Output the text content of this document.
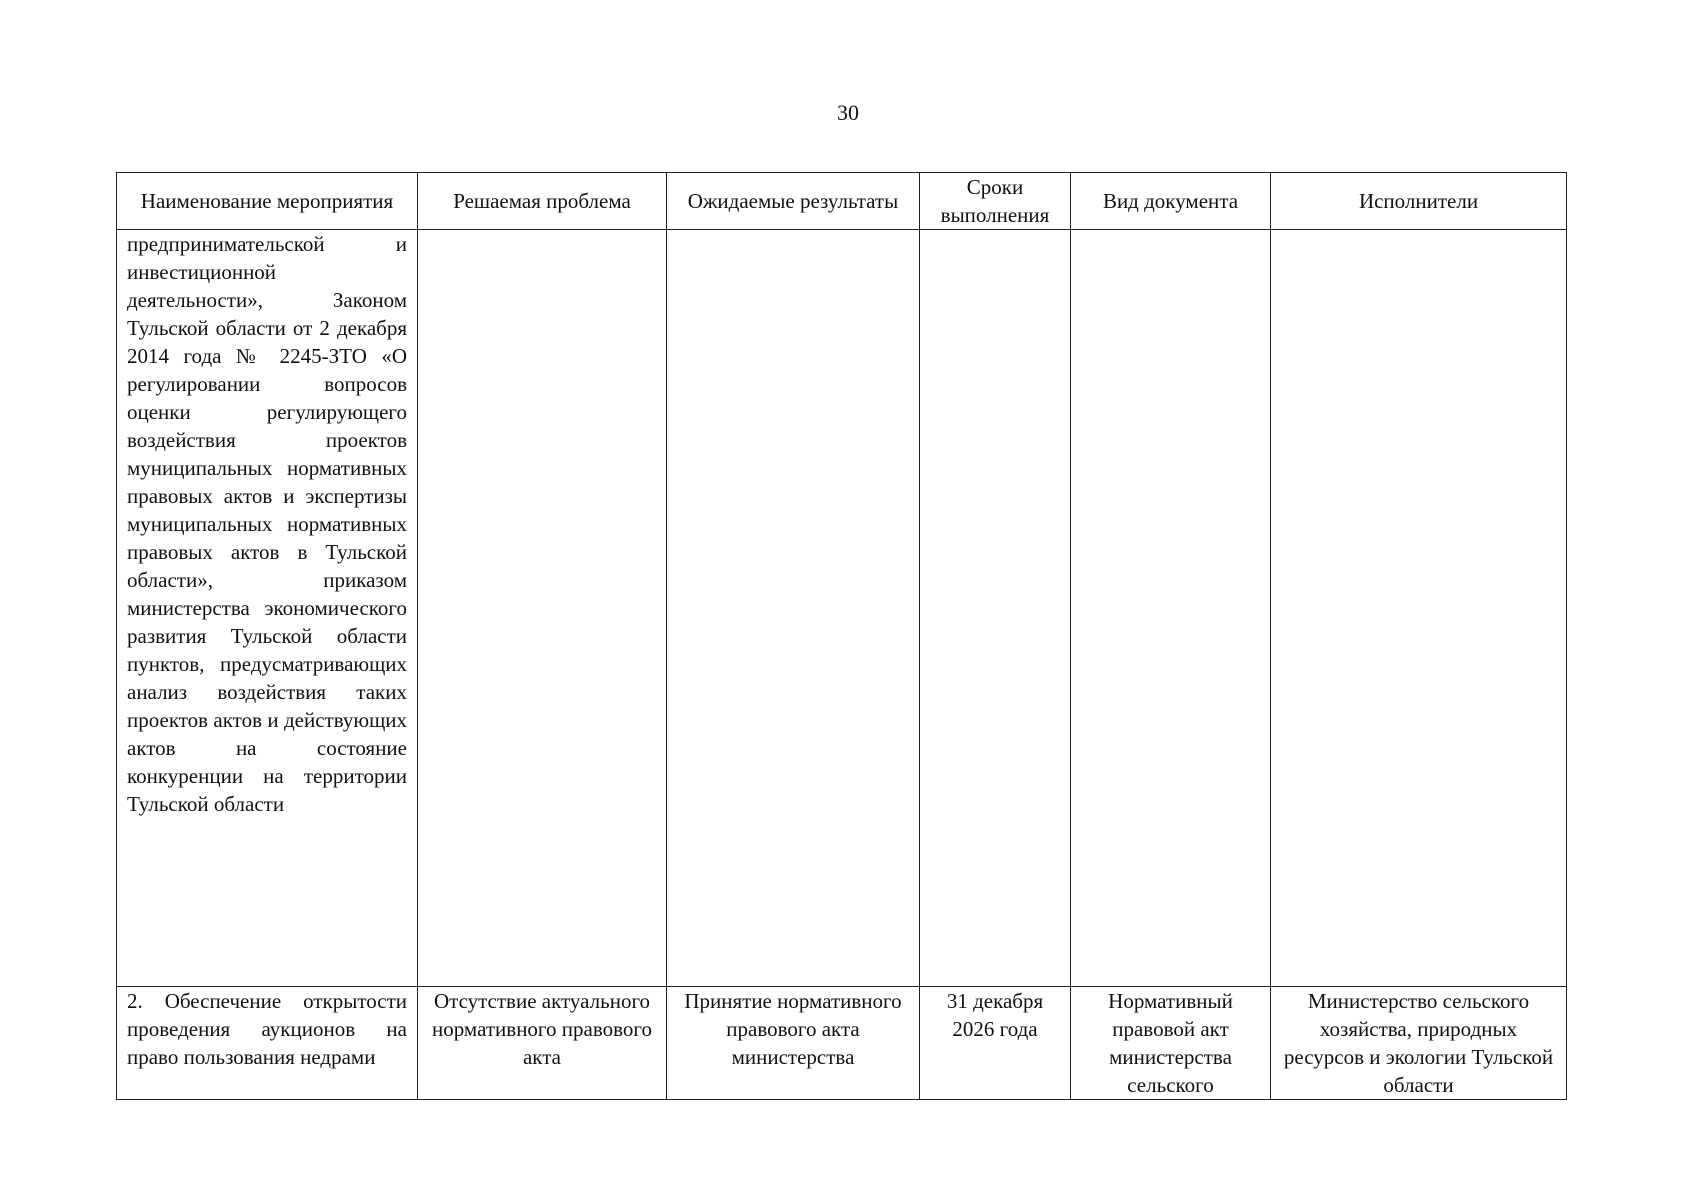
30
Наименование мероприятия	Решаемая проблема	Ожидаемые результаты	Сроки выполнения	Вид документа	Исполнители
предпринимательской и инвестиционной деятельности», Законом Тульской области от 2 декабря 2014 года № 2245-ЗТО «О регулировании вопросов оценки регулирующего воздействия проектов муниципальных нормативных правовых актов и экспертизы муниципальных нормативных правовых актов в Тульской области», приказом министерства экономического развития Тульской области пунктов, предусматривающих анализ воздействия таких проектов актов и действующих актов на состояние конкуренции на территории Тульской области					
2. Обеспечение открытости проведения аукционов на право пользования недрами	Отсутствие актуального нормативного правового акта	Принятие нормативного правового акта министерства	31 декабря 2026 года	Нормативный правовой акт министерства сельского	Министерство сельского хозяйства, природных ресурсов и экологии Тульской области
